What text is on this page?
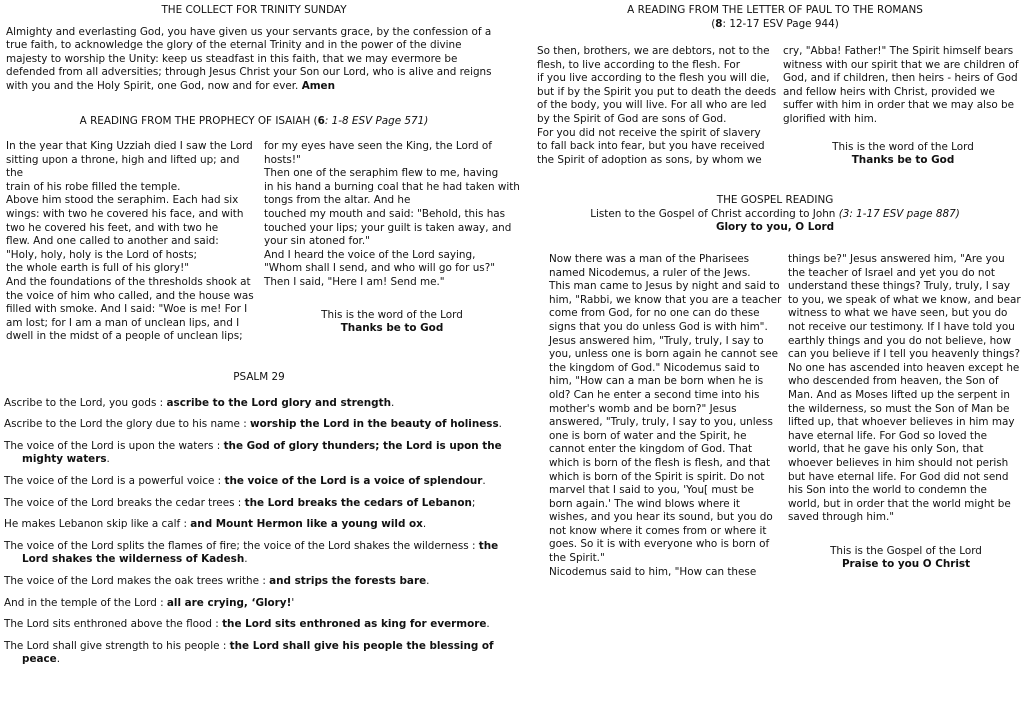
THE COLLECT FOR TRINITY SUNDAY

Almighty and everlasting God, you have given us your servants grace, by the confession of a
true faith, to acknowledge the glory of the eternal Trinity and in the power of the divine
majesty to worship the Unity: keep us steadfast in this faith, that we may evermore be
defended from all adversities; through Jesus Christ your Son our Lord, who is alive and reigns
with you and the Holy Spirit, one God, now and for ever. Amen

A READING FROM THE PROPHECY OF ISAIAH (6: 1-8 ESV Page 571)

In the year that King Uzziah died I saw the Lord
sitting upon a throne, high and lifted up; and the
train of his robe filled the temple.
Above him stood the seraphim. Each had six
wings: with two he covered his face, and with
two he covered his feet, and with two he
flew. And one called to another and said:
"Holy, holy, holy is the Lord of hosts;
the whole earth is full of his glory!"
And the foundations of the thresholds shook at
the voice of him who called, and the house was
filled with smoke. And I said: "Woe is me! For I
am lost; for I am a man of unclean lips, and I
dwell in the midst of a people of unclean lips;

for my eyes have seen the King, the Lord of
hosts!"
Then one of the seraphim flew to me, having
in his hand a burning coal that he had taken with
tongs from the altar. And he
touched my mouth and said: "Behold, this has
touched your lips; your guilt is taken away, and
your sin atoned for."
And I heard the voice of the Lord saying,
"Whom shall I send, and who will go for us?"
Then I said, "Here I am! Send me."

This is the word of the Lord

Thanks be to God

PSALM 29

Ascribe to the Lord, you gods : ascribe to the Lord glory and strength.

Ascribe to the Lord the glory due to his name : worship the Lord in the beauty of holiness.

The voice of the Lord is upon the waters : the God of glory thunders; the Lord is upon the mighty waters.

The voice of the Lord is a powerful voice : the voice of the Lord is a voice of splendour.

The voice of the Lord breaks the cedar trees : the Lord breaks the cedars of Lebanon;

He makes Lebanon skip like a calf : and Mount Hermon like a young wild ox.

The voice of the Lord splits the flames of fire; the voice of the Lord shakes the wilderness : the Lord shakes the wilderness of Kadesh.

The voice of the Lord makes the oak trees writhe : and strips the forests bare.

And in the temple of the Lord : all are crying, ‘Glory!'

The Lord sits enthroned above the flood : the Lord sits enthroned as king for evermore.

The Lord shall give strength to his people : the Lord shall give his people the blessing of peace.

A READING FROM THE LETTER OF PAUL TO THE ROMANS
(8: 12-17 ESV Page 944)

So then, brothers, we are debtors, not to the
flesh, to live according to the flesh. For
if you live according to the flesh you will die,
but if by the Spirit you put to death the deeds
of the body, you will live. For all who are led
by the Spirit of God are sons of God.
For you did not receive the spirit of slavery
to fall back into fear, but you have received
the Spirit of adoption as sons, by whom we

cry, "Abba! Father!" The Spirit himself bears
witness with our spirit that we are children of
God, and if children, then heirs - heirs of God
and fellow heirs with Christ, provided we
suffer with him in order that we may also be
glorified with him.

This is the word of the Lord

Thanks be to God

THE GOSPEL READING
Listen to the Gospel of Christ according to John (3: 1-17 ESV page 887)
Glory to you, O Lord

Now there was a man of the Pharisees
named Nicodemus, a ruler of the Jews.
This man came to Jesus by night and said to
him, "Rabbi, we know that you are a teacher
come from God, for no one can do these
signs that you do unless God is with him".
Jesus answered him, "Truly, truly, I say to
you, unless one is born again he cannot see
the kingdom of God." Nicodemus said to
him, "How can a man be born when he is
old? Can he enter a second time into his
mother's womb and be born?" Jesus
answered, "Truly, truly, I say to you, unless
one is born of water and the Spirit, he
cannot enter the kingdom of God. That
which is born of the flesh is flesh, and that
which is born of the Spirit is spirit. Do not
marvel that I said to you, 'You[ must be
born again.' The wind blows where it
wishes, and you hear its sound, but you do
not know where it comes from or where it
goes. So it is with everyone who is born of
the Spirit."
Nicodemus said to him, "How can these

things be?" Jesus answered him, "Are you
the teacher of Israel and yet you do not
understand these things? Truly, truly, I say
to you, we speak of what we know, and bear
witness to what we have seen, but you do
not receive our testimony. If I have told you
earthly things and you do not believe, how
can you believe if I tell you heavenly things?
No one has ascended into heaven except he
who descended from heaven, the Son of
Man. And as Moses lifted up the serpent in
the wilderness, so must the Son of Man be
lifted up, that whoever believes in him may
have eternal life. For God so loved the
world, that he gave his only Son, that
whoever believes in him should not perish
but have eternal life. For God did not send
his Son into the world to condemn the
world, but in order that the world might be
saved through him."

This is the Gospel of the Lord

Praise to you O Christ
